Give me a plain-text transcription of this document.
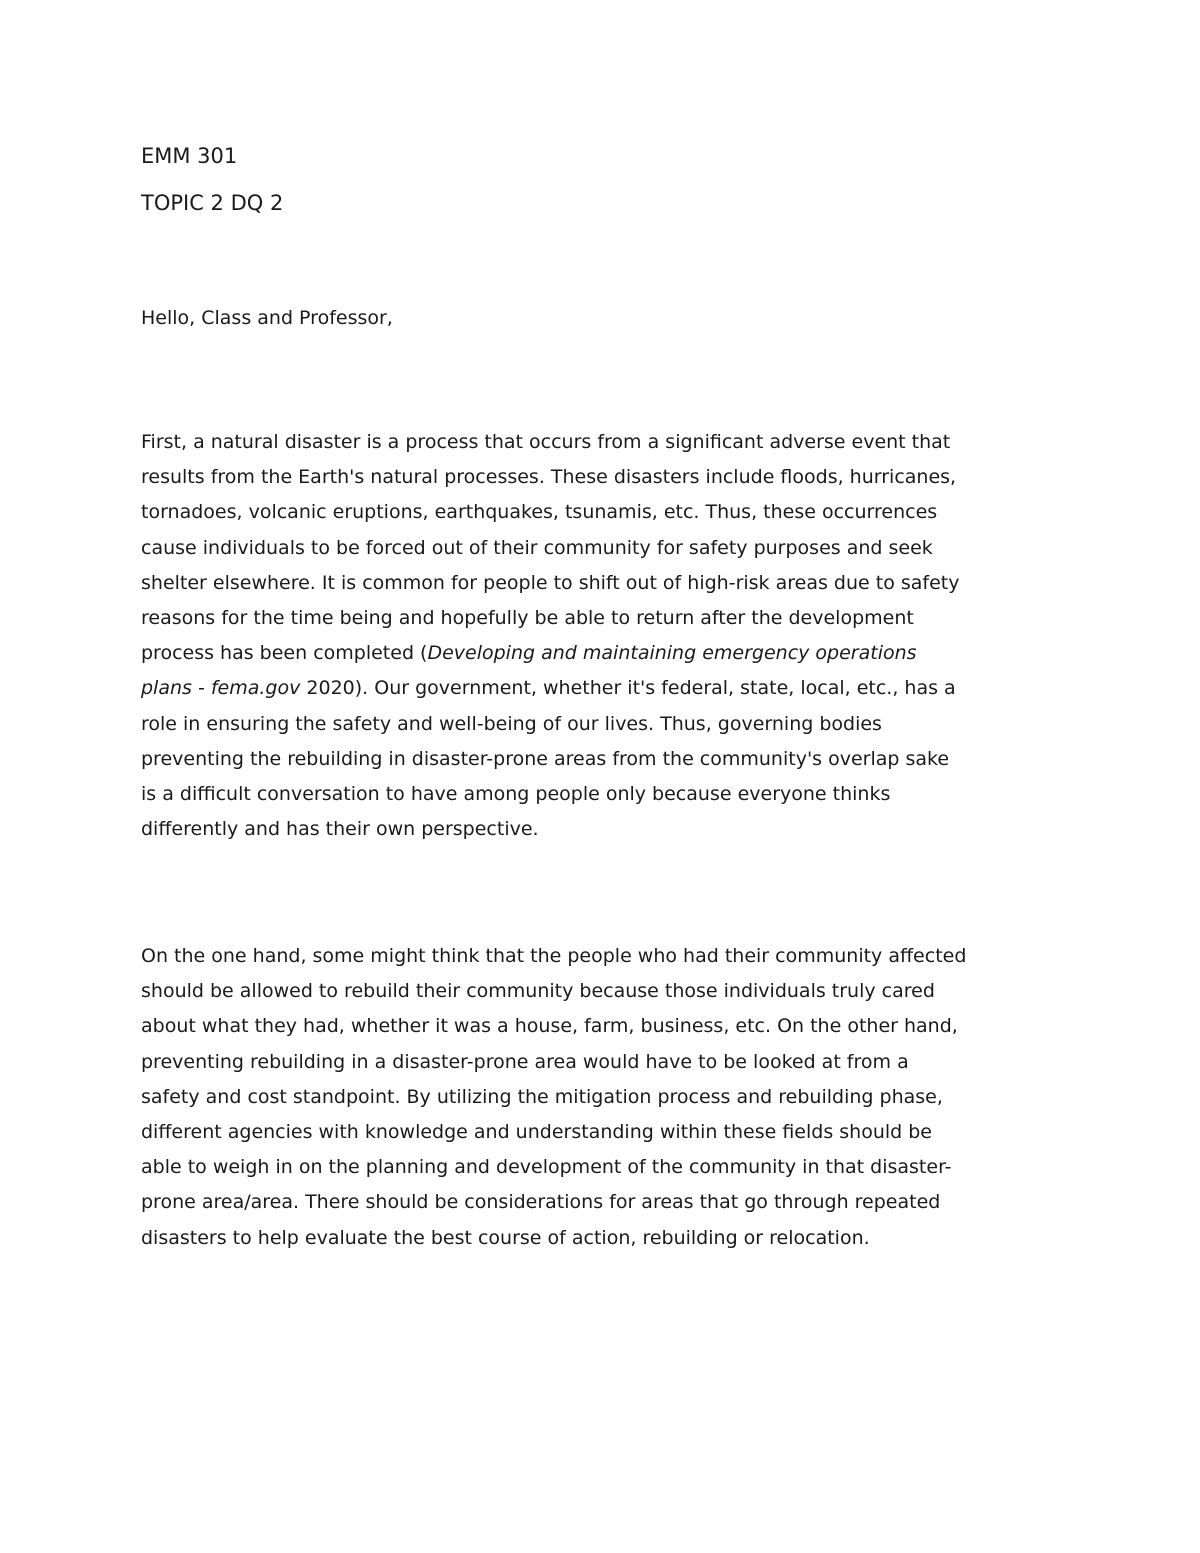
EMM 301
TOPIC 2 DQ 2

Hello, Class and Professor,

First, a natural disaster is a process that occurs from a significant adverse event that
results from the Earth's natural processes. These disasters include floods, hurricanes,
tornadoes, volcanic eruptions, earthquakes, tsunamis, etc. Thus, these occurrences
cause individuals to be forced out of their community for safety purposes and seek
shelter elsewhere. It is common for people to shift out of high-risk areas due to safety
reasons for the time being and hopefully be able to return after the development
process has been completed (Developing and maintaining emergency operations
plans - fema.gov 2020). Our government, whether it's federal, state, local, etc., has a
role in ensuring the safety and well-being of our lives. Thus, governing bodies
preventing the rebuilding in disaster-prone areas from the community's overlap sake
is a difficult conversation to have among people only because everyone thinks
differently and has their own perspective.

On the one hand, some might think that the people who had their community affected
should be allowed to rebuild their community because those individuals truly cared
about what they had, whether it was a house, farm, business, etc. On the other hand,
preventing rebuilding in a disaster-prone area would have to be looked at from a
safety and cost standpoint. By utilizing the mitigation process and rebuilding phase,
different agencies with knowledge and understanding within these fields should be
able to weigh in on the planning and development of the community in that disaster-
prone area/area. There should be considerations for areas that go through repeated
disasters to help evaluate the best course of action, rebuilding or relocation.
